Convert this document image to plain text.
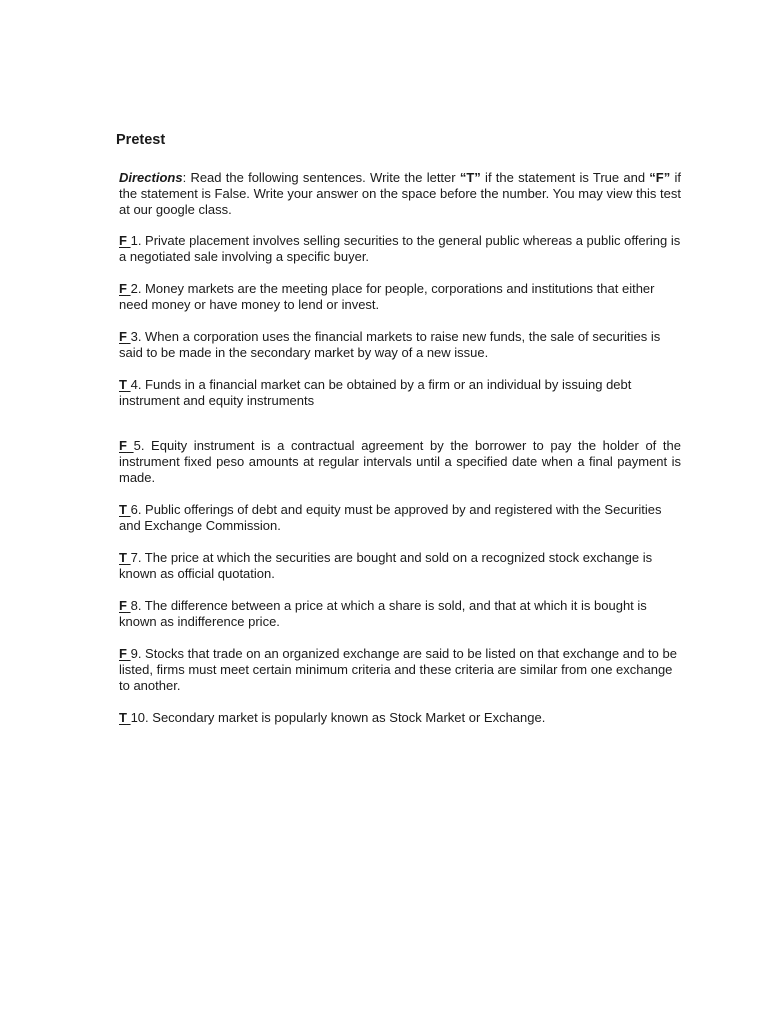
Pretest

Directions: Read the following sentences. Write the letter “T” if the statement is True and “F” if the statement is False. Write your answer on the space before the number. You may view this test at our google class.

F 1. Private placement involves selling securities to the general public whereas a public offering is a negotiated sale involving a specific buyer.

F 2. Money markets are the meeting place for people, corporations and institutions that either need money or have money to lend or invest.

F 3. When a corporation uses the financial markets to raise new funds, the sale of securities is said to be made in the secondary market by way of a new issue.

T 4. Funds in a financial market can be obtained by a firm or an individual by issuing debt instrument and equity instruments

F 5. Equity instrument is a contractual agreement by the borrower to pay the holder of the instrument fixed peso amounts at regular intervals until a specified date when a final payment is made.

T 6. Public offerings of debt and equity must be approved by and registered with the Securities and Exchange Commission.

T 7. The price at which the securities are bought and sold on a recognized stock exchange is known as official quotation.

F 8. The difference between a price at which a share is sold, and that at which it is bought is known as indifference price.

F 9. Stocks that trade on an organized exchange are said to be listed on that exchange and to be listed, firms must meet certain minimum criteria and these criteria are similar from one exchange to another.

T 10. Secondary market is popularly known as Stock Market or Exchange.
